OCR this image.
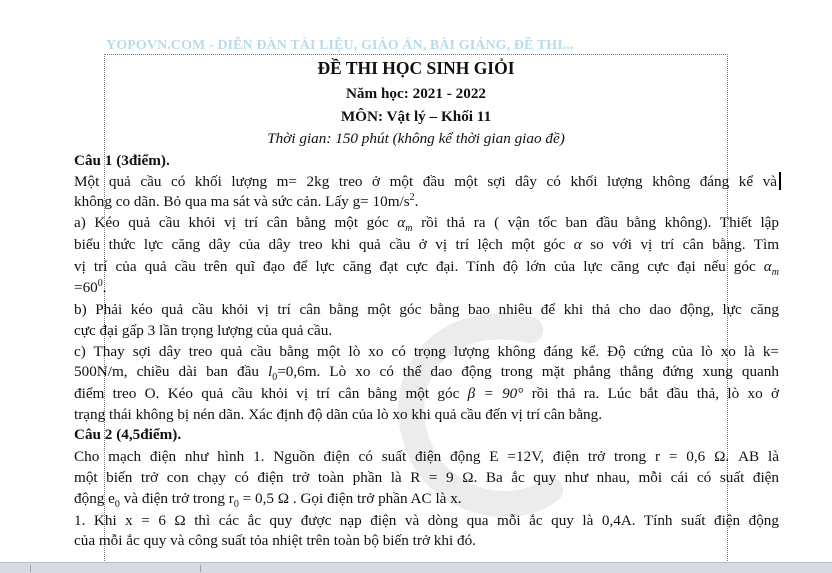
YOPOVN.COM - DIỄN ĐÀN TÀI LIỆU, GIÁO ÁN, BÀI GIẢNG, ĐỀ THI...
ĐỀ THI HỌC SINH GIỎI
Năm học: 2021 - 2022
MÔN: Vật lý – Khối 11
Thời gian: 150 phút (không kể thời gian giao đề)
Câu 1 (3điểm).
Một quả cầu có khối lượng m= 2kg treo ở một đầu một sợi dây có khối lượng không đáng kể và
không co dãn. Bỏ qua ma sát và sức cản. Lấy $g= 10m/s^2$.
a) Kéo quả cầu khỏi vị trí cân bằng một góc $\alpha_m$ rồi thả ra ( vận tốc ban đầu bằng không). Thiết lập
biểu thức lực căng dây của dây treo khi quả cầu ở vị trí lệch một góc α so với vị trí cân bằng. Tìm
vị trí của quả cầu trên quĩ đạo để lực căng đạt cực đại. Tính độ lớn của lực căng cực đại nếu góc $\alpha_m$
$=60^0$.
b) Phải kéo quả cầu khỏi vị trí cân bằng một góc bằng bao nhiêu để khi thả cho dao động, lực căng
cực đại gấp 3 lần trọng lượng của quả cầu.
c) Thay sợi dây treo quả cầu bằng một lò xo có trọng lượng không đáng kể. Độ cứng của lò xo là k=
500N/m, chiều dài ban đầu $l_0=0,6m$. Lò xo có thể dao động trong mặt phẳng thẳng đứng xung quanh
điểm treo O. Kéo quả cầu khỏi vị trí cân bằng một góc β = 90° rồi thả ra. Lúc bắt đầu thả, lò xo ở
trạng thái không bị nén dãn. Xác định độ dãn của lò xo khi quả cầu đến vị trí cân bằng.
Câu 2 (4,5điểm).
Cho mạch điện như hình 1. Nguồn điện có suất điện động E =12V, điện trở trong r = 0,6 Ω. AB là
một biến trở con chạy có điện trở toàn phần là R = 9 Ω. Ba ắc quy như nhau, mỗi cái có suất điện
động $e_0$ và điện trở trong $r_0 = 0,5$ Ω . Gọi điện trở phần AC là x.
1. Khi x = 6 Ω thì các ắc quy được nạp điện và dòng qua mỗi ắc quy là 0,4A. Tính suất điện động
của mỗi ắc quy và công suất tỏa nhiệt trên toàn bộ biến trở khi đó.
